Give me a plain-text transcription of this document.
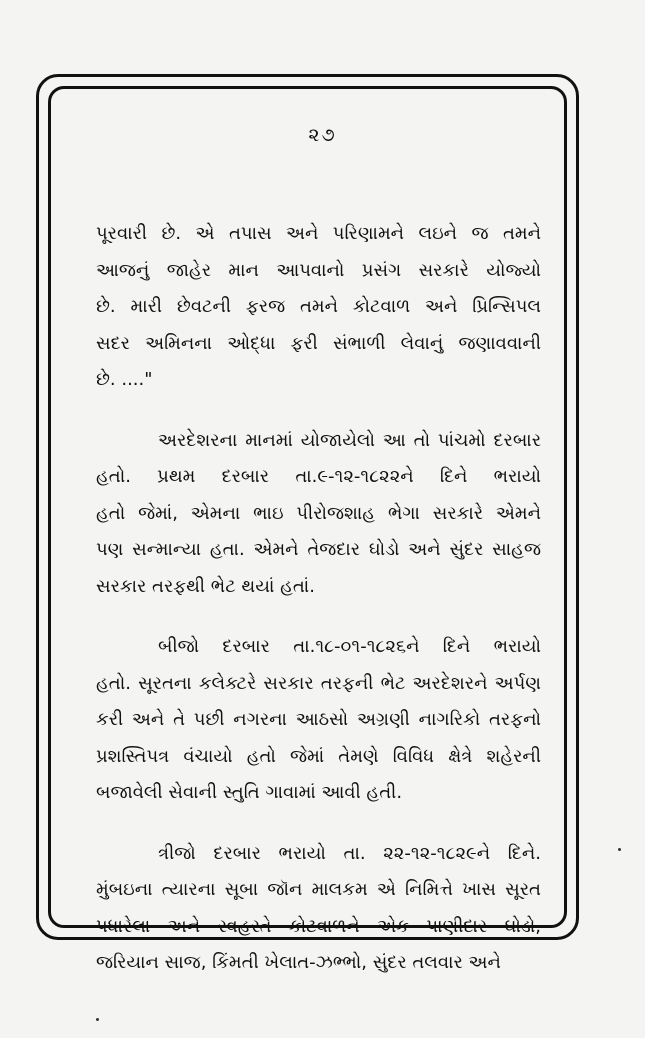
૨૭
પૂરવારી છે. એ તપાસ અને પરિણામને લઇને જ તમને
આજનું જાહેર માન આપવાનો પ્રસંગ સરકારે યોજ્યો
છે. મારી છેવટની ફરજ તમને કોટવાળ અને પ્રિન્સિપલ
સદર અમિનના ઓદ્ધા ફરી સંભાળી લેવાનું જણાવવાની
છે. ...."
અરદેશરના માનમાં યોજાયેલો આ તો પાંચમો દરબાર
હતો. પ્રથમ દરબાર તા.૯-૧૨-૧૮૨૨ને દિને ભરાયો
હતો જેમાં, એમના ભાઇ પીરોજશાહ ભેગા સરકારે એમને
પણ સન્માન્યા હતા. એમને તેજદાર ઘોડો અને સુંદર સાહજ
સરકાર તરફથી ભેટ થયાં હતાં.
બીજો દરબાર તા.૧૮-૦૧-૧૮૨૬ને દિને ભરાયો
હતો. સૂરતના કલેક્ટરે સરકાર તરફની ભેટ અરદેશરને અર્પણ
કરી અને તે પછી નગરના આઠસો અગ્રણી નાગરિકો તરફનો
પ્રશસ્તિપત્ર વંચાયો હતો જેમાં તેમણે વિવિધ ક્ષેત્રે શહેરની
બજાવેલી સેવાની સ્તુતિ ગાવામાં આવી હતી.
ત્રીજો દરબાર ભરાયો તા. ૨૨-૧૨-૧૮૨૯ને દિને.
મુંબઇના ત્યારના સૂબા જૉન માલકમ એ નિમિત્તે ખાસ સૂરત
પધારેલા અને સ્વહસ્તે કોટવાળને એક પાણીદાર ઘોડો,
જરિયાન સાજ, કિંમતી ખેલાત-ઝભ્ભો, સુંદર તલવાર અને
